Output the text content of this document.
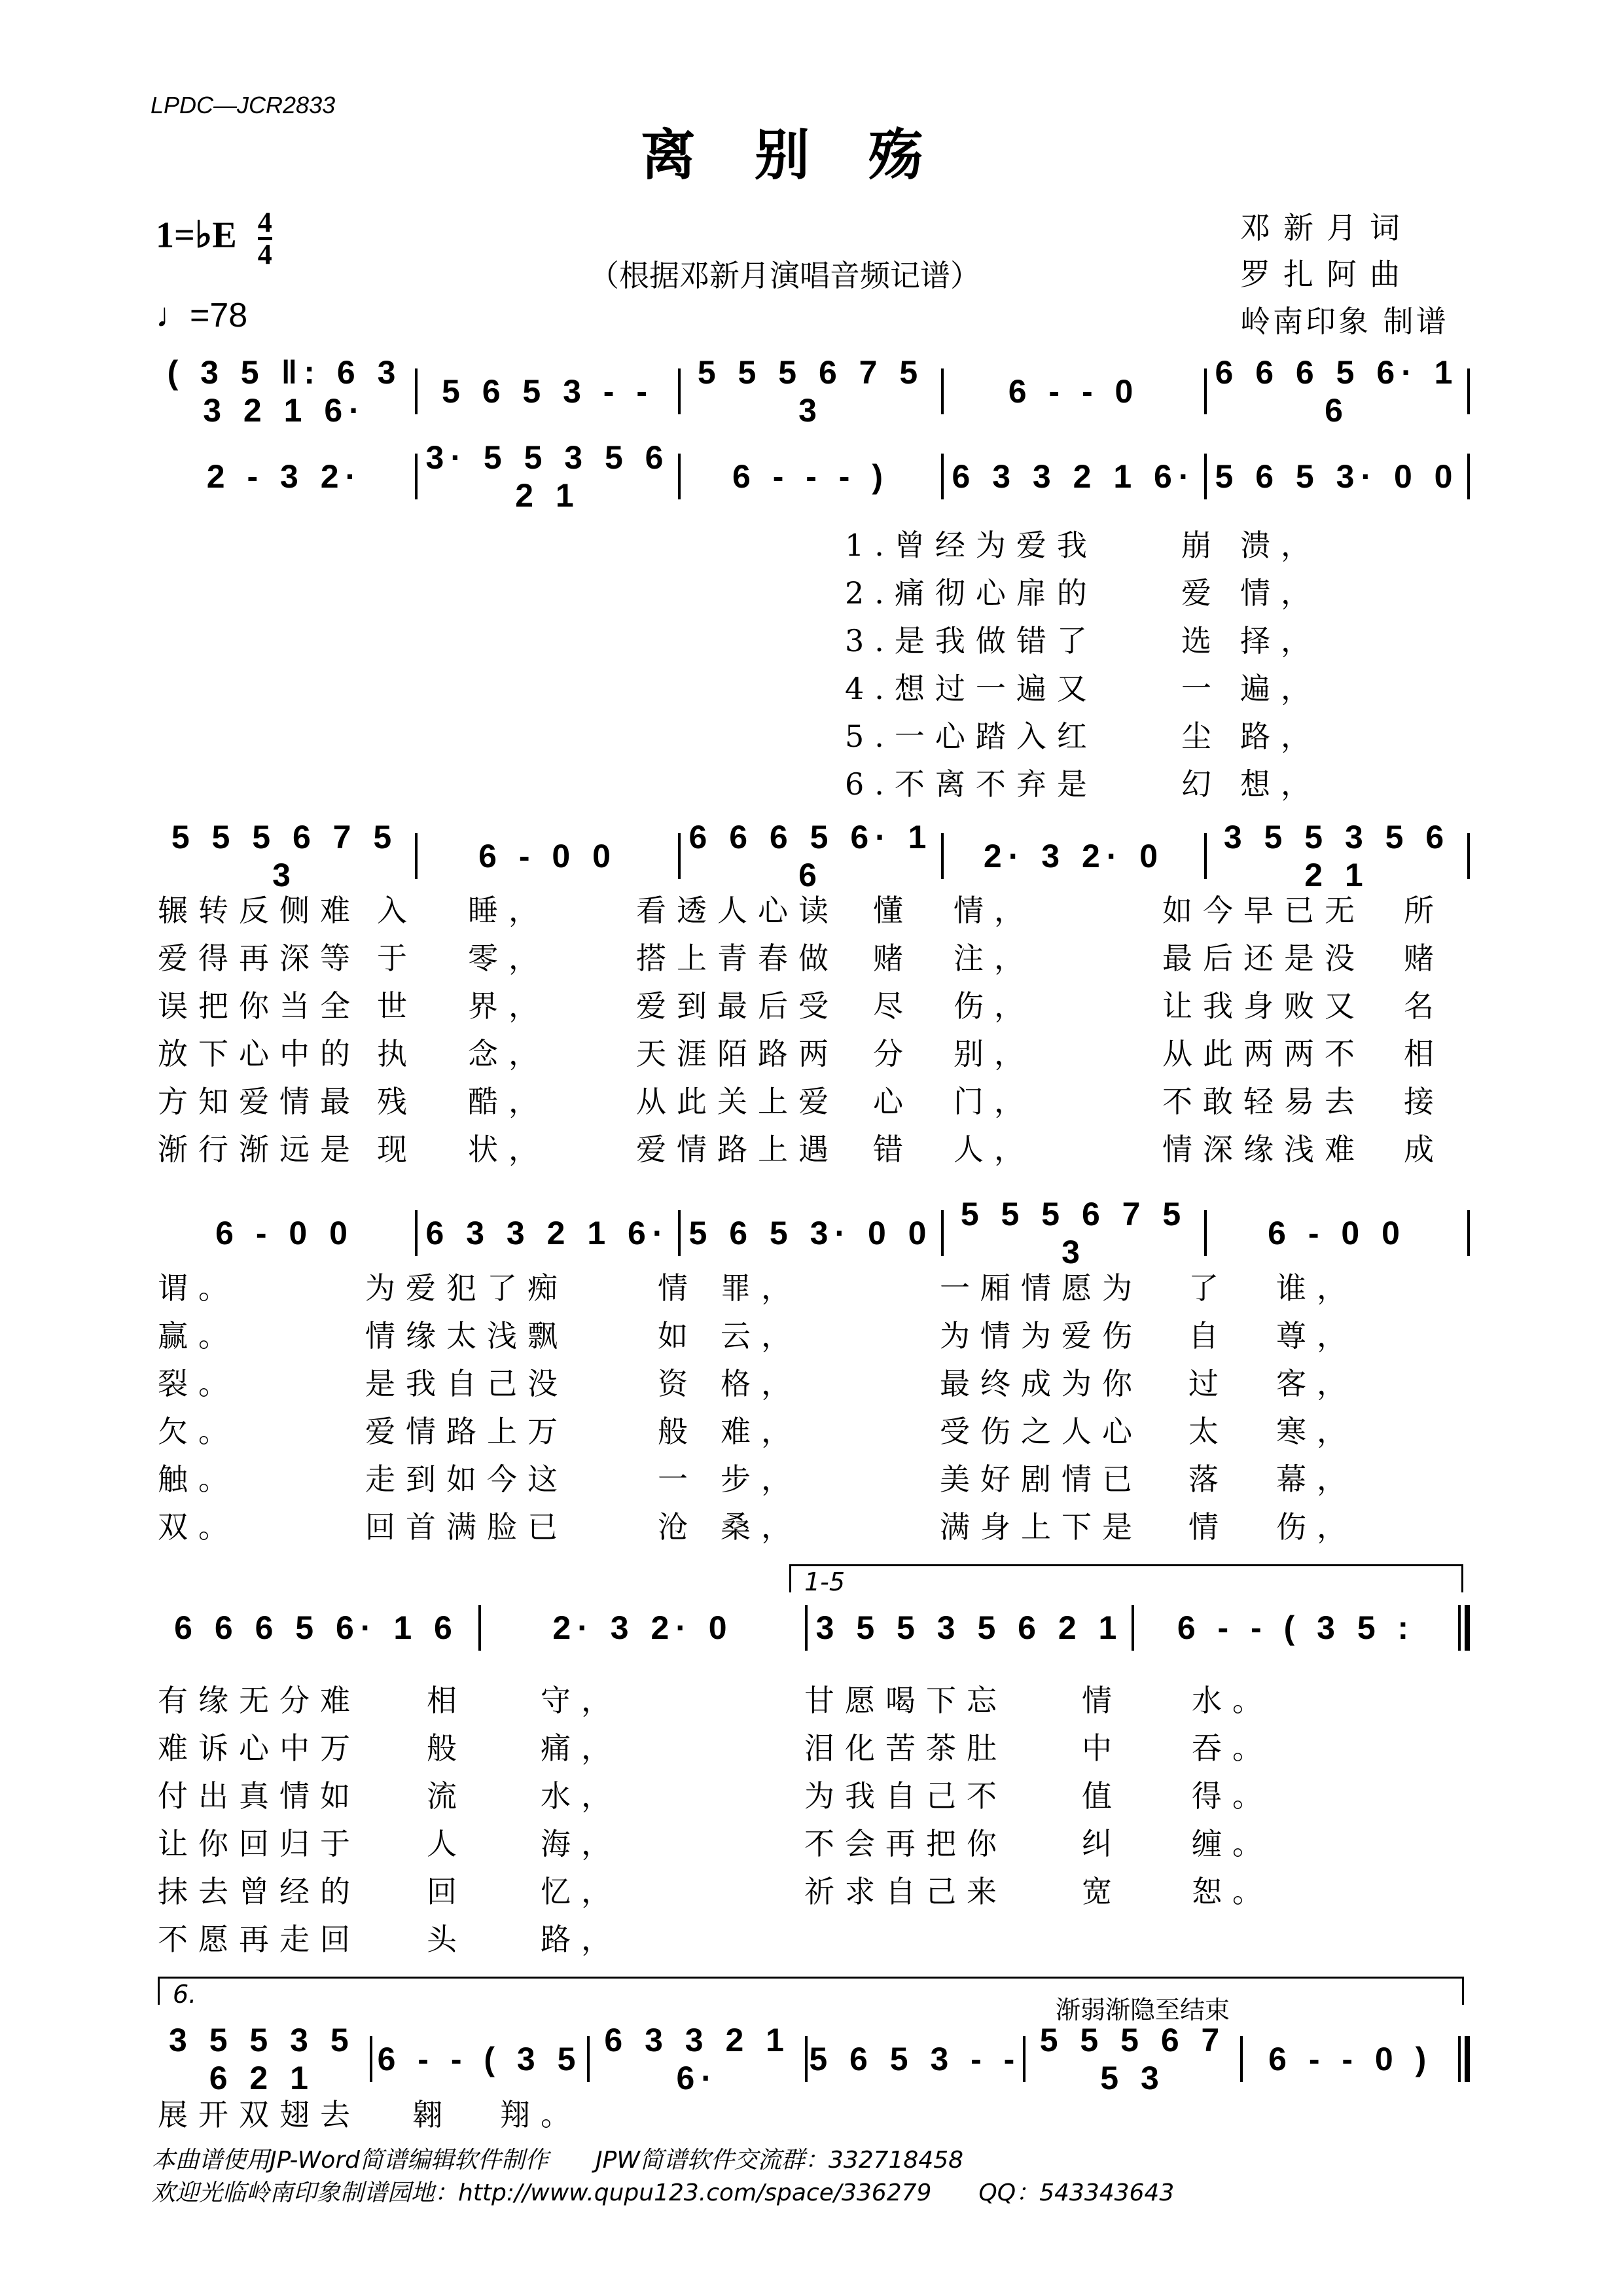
LPDC—JCR2833
离别殇
1=♭E $\frac{4}{4}$
♩=78
（根据邓新月演唱音频记谱）
邓新月词
罗扎阿曲
岭南印象 制谱
1-5
6.
渐弱渐隐至结束
( 3 5 ‖: 6 3 3 2 1 6·
5 6 5 3 - -
5 5 5 6 7 5 3
6 - - 0
6 6 6 5 6· 1 6
2 - 3 2·
3· 5 5 3 5 6 2 1
6 - - - )	6 3 3 2 1 6· 5 6 5 3· 0 0
5 5 5 6 7 5 3
6 - 0 0
6 6 6 5 6· 1 6
2· 3 2· 0
3 5 5 3 5 6 2 1
6 - 0 0	6 3 3 2 1 6· 5 6 5 3· 0 0
5 5 5 6 7 5 3
6 - 0 0
6 6 6 5 6· 1 6	2· 3 2· 0	3 5 5 3 5 6 2 1	6 - - ( 3 5 :
3 5 5 3 5 6 2 1
6 - - ( 3 5
6 3 3 2 1 6·
5 6 5 3 - -
5 5 5 6 7 5 3
6 - - 0 )
1.曾经为爱我	崩 溃，
2.痛彻心扉的	爱 情，
3.是我做错了	选 择，
4.想过一遍又	一 遍，
5.一心踏入红	尘 路，
6.不离不弃是	幻 想，
辗转反侧难 入 睡，	看透人心读 懂 情，	如今早已无 所
爱得再深等 于 零，	搭上青春做 赌 注，	最后还是没 赌
误把你当全 世 界，	爱到最后受 尽 伤，	让我身败又 名
放下心中的 执 念，	天涯陌路两 分 别，	从此两两不 相
方知爱情最 残 酷，	从此关上爱 心 门，	不敢轻易去 接
渐行渐远是 现 状，	爱情路上遇 错 人，	情深缘浅难 成
谓。	为爱犯了痴	情 罪，	一厢情愿为 了 谁，
赢。	情缘太浅飘	如 云，	为情为爱伤 自 尊，
裂。	是我自己没	资 格，	最终成为你 过 客，
欠。	爱情路上万	般 难，	受伤之人心 太 寒，
触。	走到如今这	一 步，	美好剧情已 落 幕，
双。	回首满脸已	沧 桑，	满身上下是 情 伤，
有缘无分难 相 守，	甘愿喝下忘 情 水。
难诉心中万 般 痛，	泪化苦茶肚 中 吞。
付出真情如 流 水，	为我自己不 值 得。
让你回归于 人 海，	不会再把你 纠 缠。
抹去曾经的 回 忆，	祈求自己来 宽 恕。
不愿再走回 头 路，
展开双翅去 翱 翔。
本曲谱使用JP-Word简谱编辑软件制作　　JPW简谱软件交流群：332718458
欢迎光临岭南印象制谱园地：http://www.qupu123.com/space/336279　　QQ：543343643
